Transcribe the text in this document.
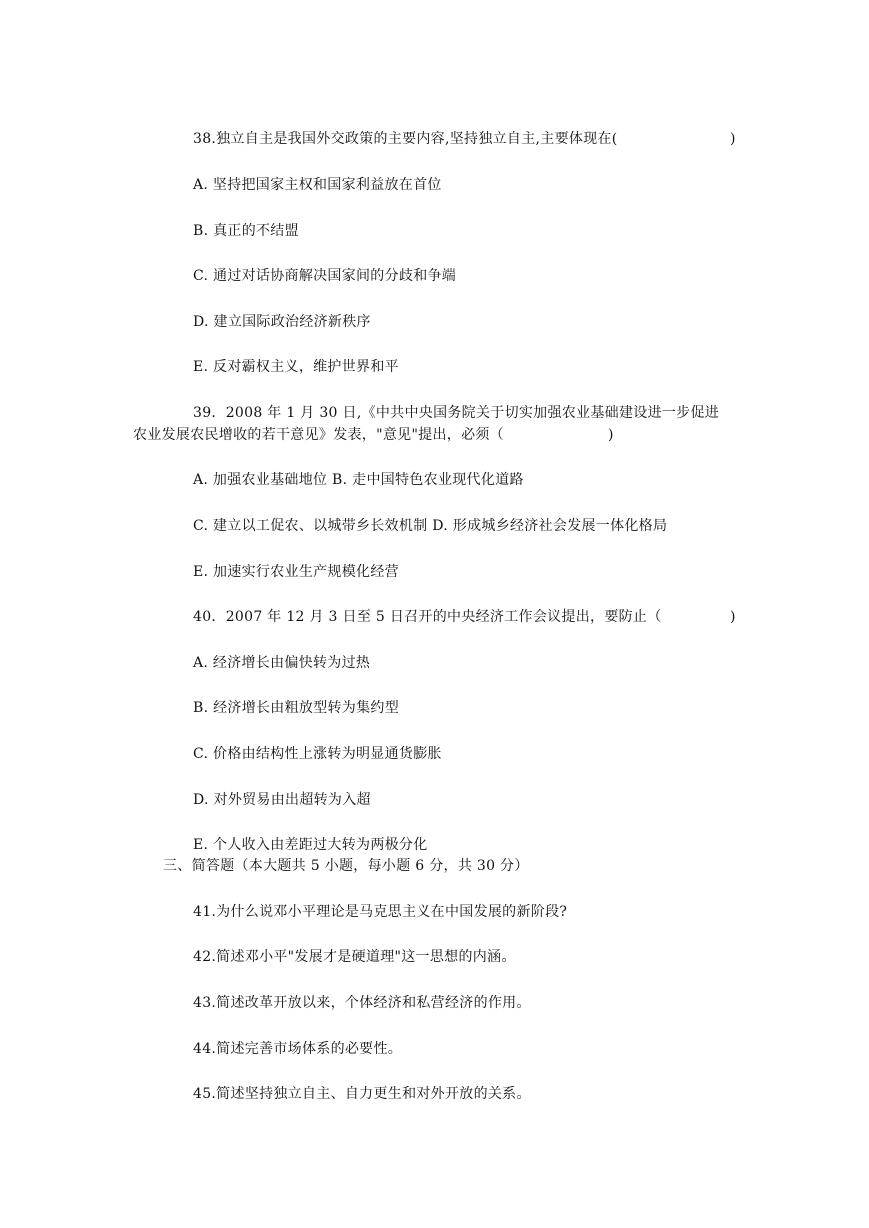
38.独立自主是我国外交政策的主要内容,坚持独立自主,主要体现在(	)
A. 坚持把国家主权和国家利益放在首位
B. 真正的不结盟
C. 通过对话协商解决国家间的分歧和争端
D. 建立国际政治经济新秩序
E. 反对霸权主义，维护世界和平
39．2008 年 1 月 30 日,《中共中央国务院关于切实加强农业基础建设进一步促进
农业发展农民增收的若干意见》发表，"意见"提出，必须（	)
A. 加强农业基础地位 B. 走中国特色农业现代化道路
C. 建立以工促农、以城带乡长效机制 D. 形成城乡经济社会发展一体化格局
E. 加速实行农业生产规模化经营
40．2007 年 12 月 3 日至 5 日召开的中央经济工作会议提出，要防止（	)
A. 经济增长由偏快转为过热
B. 经济增长由粗放型转为集约型
C. 价格由结构性上涨转为明显通货膨胀
D. 对外贸易由出超转为入超
E. 个人收入由差距过大转为两极分化
三、简答题（本大题共 5 小题，每小题 6 分，共 30 分）
41.为什么说邓小平理论是马克思主义在中国发展的新阶段?
42.简述邓小平"发展才是硬道理"这一思想的内涵。
43.简述改革开放以来，个体经济和私营经济的作用。
44.简述完善市场体系的必要性。
45.简述坚持独立自主、自力更生和对外开放的关系。
